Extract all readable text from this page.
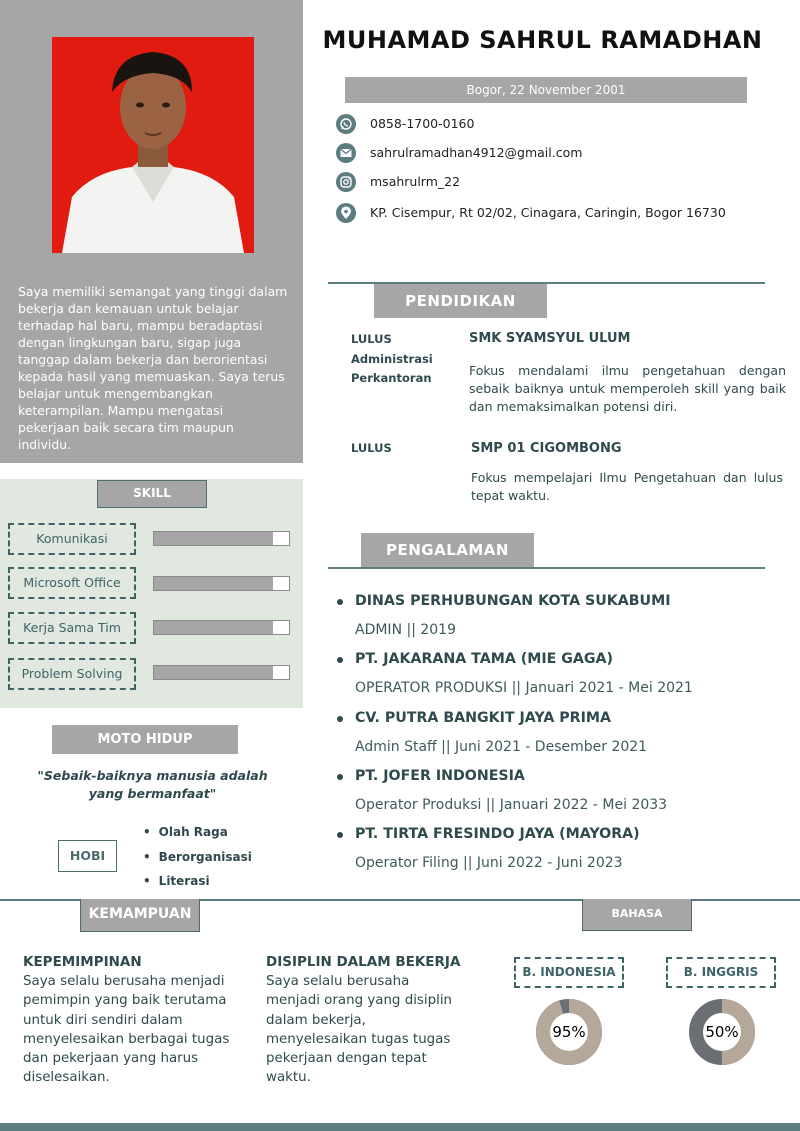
Saya memiliki semangat yang tinggi dalam bekerja dan kemauan untuk belajar terhadap hal baru, mampu beradaptasi dengan lingkungan baru, sigap juga tanggap dalam bekerja dan berorientasi kepada hasil yang memuaskan. Saya terus belajar untuk mengembangkan keterampilan. Mampu mengatasi pekerjaan baik secara tim maupun individu.

SKILL
Komunikasi
Microsoft Office
Kerja Sama Tim
Problem Solving
MOTO HIDUP

"Sebaik-baiknya manusia adalah yang bermanfaat"

HOBI
• Olah Raga
• Berorganisasi
• Literasi
MUHAMAD SAHRUL RAMADHAN
Bogor, 22 November 2001
0858-1700-0160
sahrulramadhan4912@gmail.com
msahrulrm_22
KP. Cisempur, Rt 02/02, Cinagara, Caringin, Bogor 16730
PENDIDIKAN
LULUS
Administrasi
Perkantoran
SMK SYAMSYUL ULUM

Fokus mendalami ilmu pengetahuan dengan sebaik baiknya untuk memperoleh skill yang baik dan memaksimalkan potensi diri.

LULUS	SMP 01 CIGOMBONG

Fokus mempelajari Ilmu Pengetahuan dan lulus tepat waktu.

PENGALAMAN
DINAS PERHUBUNGAN KOTA SUKABUMI
ADMIN || 2019
PT. JAKARANA TAMA (MIE GAGA)
OPERATOR PRODUKSI || Januari 2021 - Mei 2021
CV. PUTRA BANGKIT JAYA PRIMA
Admin Staff || Juni 2021 - Desember 2021
PT. JOFER INDONESIA
Operator Produksi || Januari 2022 - Mei 2033
PT. TIRTA FRESINDO JAYA (MAYORA)
Operator Filing || Juni 2022 - Juni 2023
KEMAMPUAN	BAHASA
KEPEMIMPINAN

Saya selalu berusaha menjadi pemimpin yang baik terutama untuk diri sendiri dalam menyelesaikan berbagai tugas dan pekerjaan yang harus diselesaikan.

DISIPLIN DALAM BEKERJA

Saya selalu berusaha menjadi orang yang disiplin dalam bekerja, menyelesaikan tugas tugas pekerjaan dengan tepat waktu.

B. INDONESIA	B. INGGRIS
95%	50%
